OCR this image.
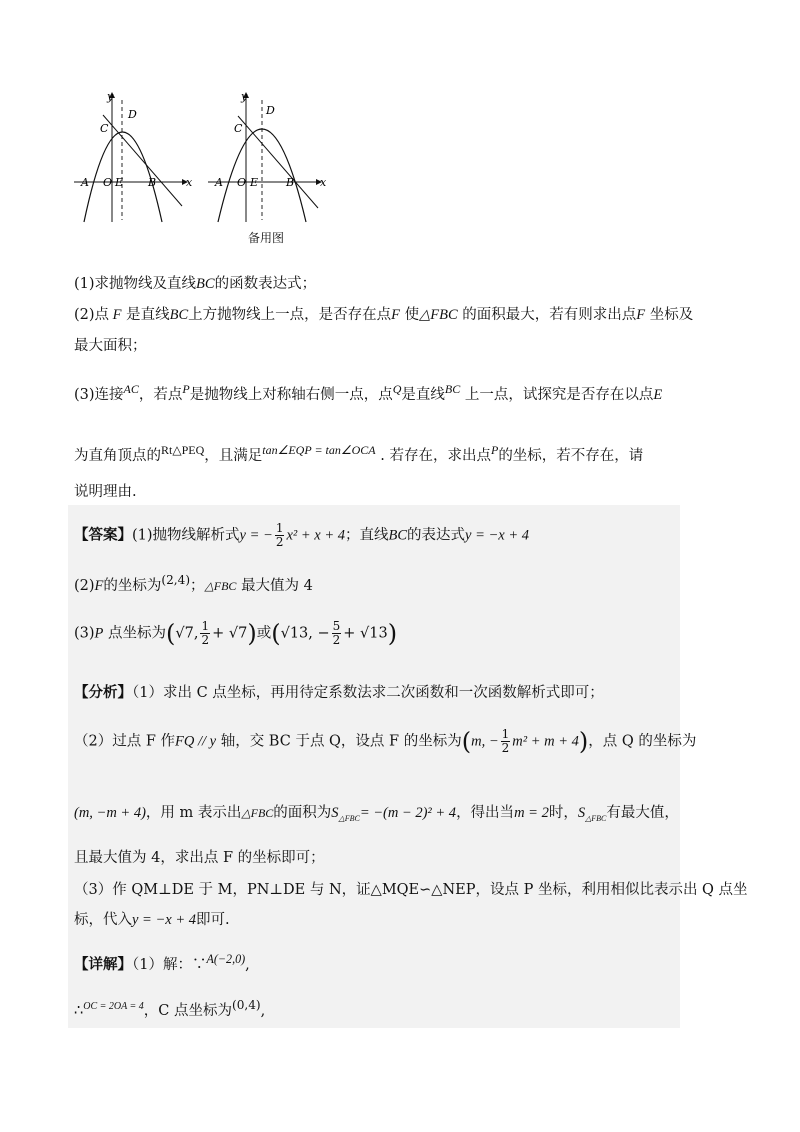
y
x
A O E B
C
D
y
x
A O E	B
C
D
备用图
(1)求抛物线及直线BC的函数表达式；
(2)点 F 是直线BC上方抛物线上一点，是否存在点F 使△FBC 的面积最大，若有则求出点F 坐标及
最大面积；
(3)连接$^{AC}$，若点$^P$是抛物线上对称轴右侧一点，点$^Q$是直线$^{BC}$ 上一点，试探究是否存在以点E
为直角顶点的$^{Rt\triangle PEQ}$，且满足$^{tan\angle EQP = tan\angle OCA}$ . 若存在，求出点$^P$的坐标，若不存在，请
说明理由.
【答案】(1)抛物线解析式y = − $\frac{1}{2} x^2 + x + 4$；直线BC的表达式y = −x + 4
(2)F的坐标为$^{(2,4)}$；△FBC 最大值为 4
(3)P 点坐标为(√7, $\frac{1}{2} + √7$)或(√13, − $\frac{5}{2} + √13$)
【分析】（1）求出 C 点坐标，再用待定系数法求二次函数和一次函数解析式即可；
（2）过点 F 作FQ // y 轴，交 BC 于点 Q，设点 F 的坐标为(m, − $\frac{1}{2} m^2 + m + 4$)，点 Q 的坐标为
(m, −m + 4)，用 m 表示出△FBC的面积为$S_{\triangle FBC}= -(m - 2)^2 + 4$，得出当m = 2时，$S_{\triangle FBC}$有最大值，
且最大值为 4，求出点 F 的坐标即可；
（3）作 QM⊥DE 于 M，PN⊥DE 与 N，证△MQE∽△NEP，设点 P 坐标，利用相似比表示出 Q 点坐
标，代入y = −x + 4即可.
【详解】（1）解：∵$^{A(-2,0)}$,
∴$^{OC = 2OA = 4}$，C 点坐标为$^{(0,4)}$,
